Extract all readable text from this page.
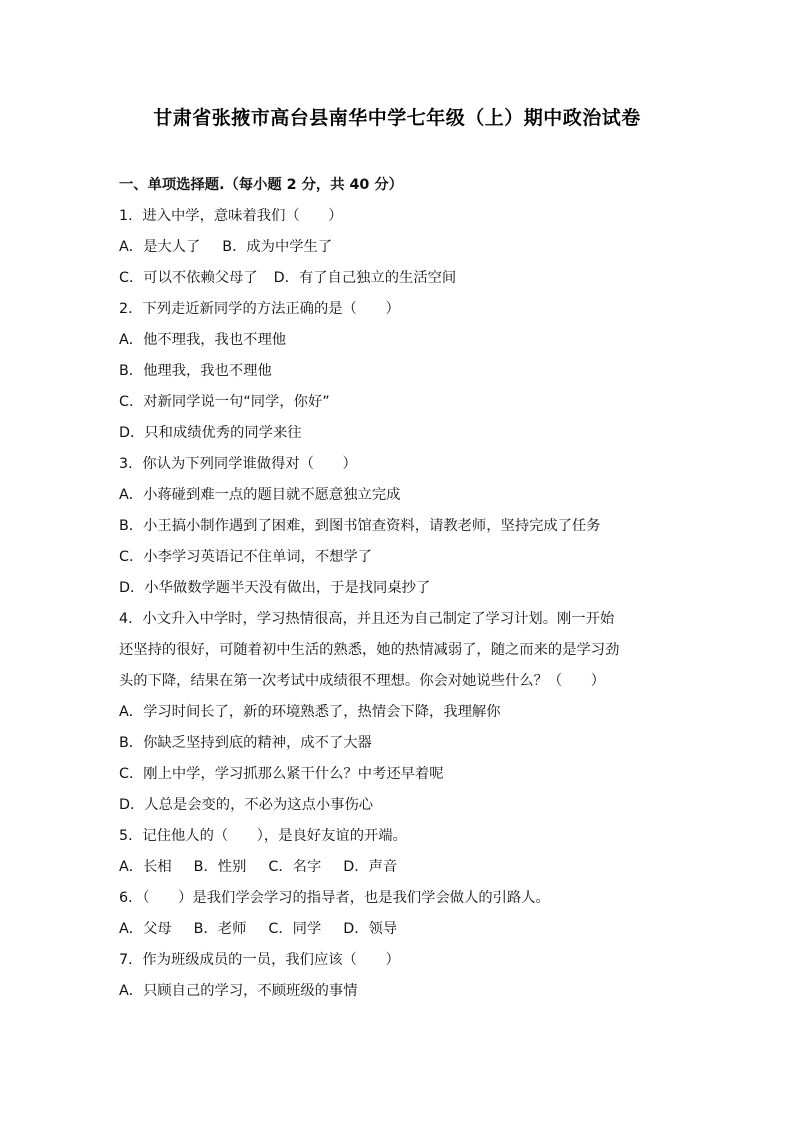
甘肃省张掖市高台县南华中学七年级（上）期中政治试卷
一、单项选择题.（每小题 2 分，共 40 分）
1．进入中学，意味着我们（　　）
A．是大人了 B．成为中学生了
C．可以不依赖父母了 D．有了自己独立的生活空间
2．下列走近新同学的方法正确的是（　　）
A．他不理我，我也不理他
B．他理我，我也不理他
C．对新同学说一句“同学，你好”
D．只和成绩优秀的同学来往
3．你认为下列同学谁做得对（　　）
A．小蒋碰到难一点的题目就不愿意独立完成
B．小王搞小制作遇到了困难，到图书馆查资料，请教老师，坚持完成了任务
C．小李学习英语记不住单词，不想学了
D．小华做数学题半天没有做出，于是找同桌抄了
4．小文升入中学时，学习热情很高，并且还为自己制定了学习计划。刚一开始
还坚持的很好，可随着初中生活的熟悉，她的热情减弱了，随之而来的是学习劲
头的下降，结果在第一次考试中成绩很不理想。你会对她说些什么？（　　）
A．学习时间长了，新的环境熟悉了，热情会下降，我理解你
B．你缺乏坚持到底的精神，成不了大器
C．刚上中学，学习抓那么紧干什么？中考还早着呢
D．人总是会变的，不必为这点小事伤心
5．记住他人的（　　），是良好友谊的开端。
A．长相 B．性别 C．名字 D．声音
6．（　　）是我们学会学习的指导者，也是我们学会做人的引路人。
A．父母 B．老师 C．同学 D．领导
7．作为班级成员的一员，我们应该（　　）
A．只顾自己的学习，不顾班级的事情
